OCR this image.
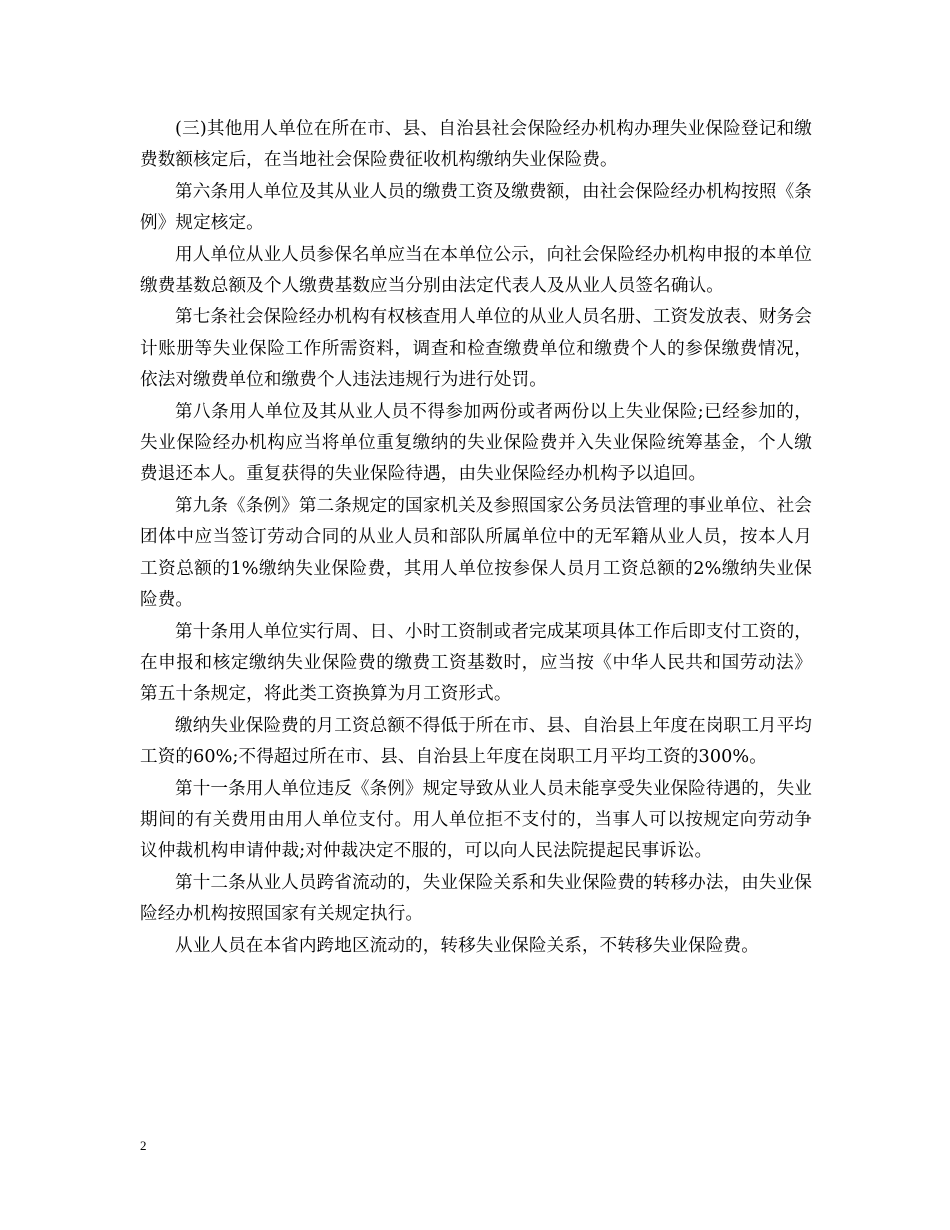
(三)其他用人单位在所在市、县、自治县社会保险经办机构办理失业保险登记和缴费数额核定后，在当地社会保险费征收机构缴纳失业保险费。

第六条用人单位及其从业人员的缴费工资及缴费额，由社会保险经办机构按照《条例》规定核定。

用人单位从业人员参保名单应当在本单位公示，向社会保险经办机构申报的本单位缴费基数总额及个人缴费基数应当分别由法定代表人及从业人员签名确认。

第七条社会保险经办机构有权核查用人单位的从业人员名册、工资发放表、财务会计账册等失业保险工作所需资料，调查和检查缴费单位和缴费个人的参保缴费情况，依法对缴费单位和缴费个人违法违规行为进行处罚。

第八条用人单位及其从业人员不得参加两份或者两份以上失业保险;已经参加的，失业保险经办机构应当将单位重复缴纳的失业保险费并入失业保险统筹基金，个人缴费退还本人。重复获得的失业保险待遇，由失业保险经办机构予以追回。

第九条《条例》第二条规定的国家机关及参照国家公务员法管理的事业单位、社会团体中应当签订劳动合同的从业人员和部队所属单位中的无军籍从业人员，按本人月工资总额的1%缴纳失业保险费，其用人单位按参保人员月工资总额的2%缴纳失业保险费。

第十条用人单位实行周、日、小时工资制或者完成某项具体工作后即支付工资的，在申报和核定缴纳失业保险费的缴费工资基数时，应当按《中华人民共和国劳动法》第五十条规定，将此类工资换算为月工资形式。

缴纳失业保险费的月工资总额不得低于所在市、县、自治县上年度在岗职工月平均工资的60%;不得超过所在市、县、自治县上年度在岗职工月平均工资的300%。

第十一条用人单位违反《条例》规定导致从业人员未能享受失业保险待遇的，失业期间的有关费用由用人单位支付。用人单位拒不支付的，当事人可以按规定向劳动争议仲裁机构申请仲裁;对仲裁决定不服的，可以向人民法院提起民事诉讼。

第十二条从业人员跨省流动的，失业保险关系和失业保险费的转移办法，由失业保险经办机构按照国家有关规定执行。

从业人员在本省内跨地区流动的，转移失业保险关系，不转移失业保险费。

2
